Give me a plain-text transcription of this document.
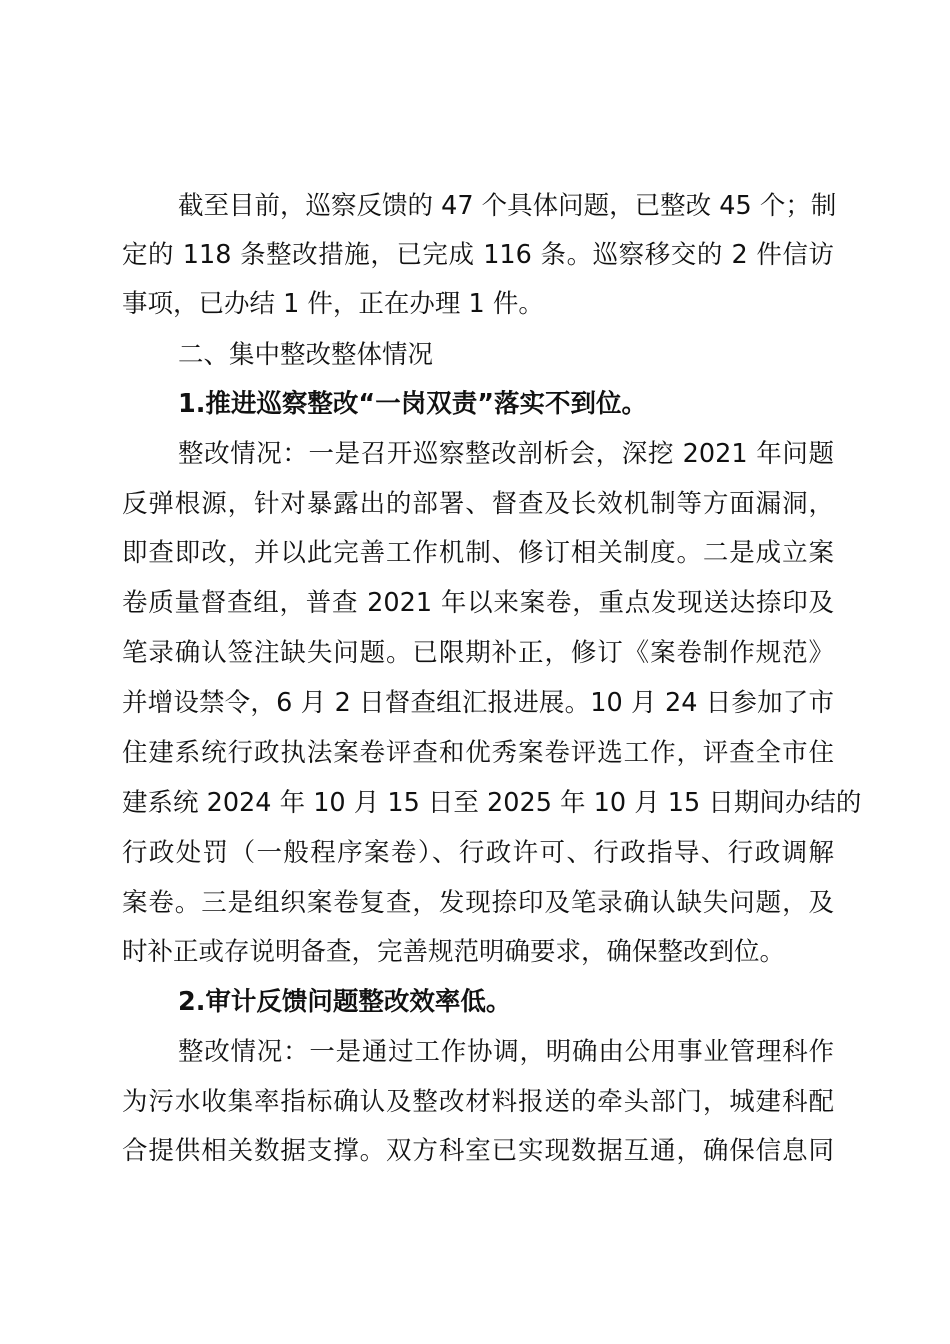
截至目前，巡察反馈的 47 个具体问题，已整改 45 个；制
定的 118 条整改措施，已完成 116 条。巡察移交的 2 件信访
事项，已办结 1 件，正在办理 1 件。
二、集中整改整体情况
1.推进巡察整改“一岗双责”落实不到位。
整改情况：一是召开巡察整改剖析会，深挖 2021 年问题
反弹根源，针对暴露出的部署、督查及长效机制等方面漏洞，
即查即改，并以此完善工作机制、修订相关制度。二是成立案
卷质量督查组，普查 2021 年以来案卷，重点发现送达捺印及
笔录确认签注缺失问题。已限期补正，修订《案卷制作规范》
并增设禁令，6 月 2 日督查组汇报进展。10 月 24 日参加了市
住建系统行政执法案卷评查和优秀案卷评选工作，评查全市住
建系统 2024 年 10 月 15 日至 2025 年 10 月 15 日期间办结的
行政处罚（一般程序案卷）、行政许可、行政指导、行政调解
案卷。三是组织案卷复查，发现捺印及笔录确认缺失问题，及
时补正或存说明备查，完善规范明确要求，确保整改到位。
2.审计反馈问题整改效率低。
整改情况：一是通过工作协调，明确由公用事业管理科作
为污水收集率指标确认及整改材料报送的牵头部门，城建科配
合提供相关数据支撑。双方科室已实现数据互通，确保信息同
